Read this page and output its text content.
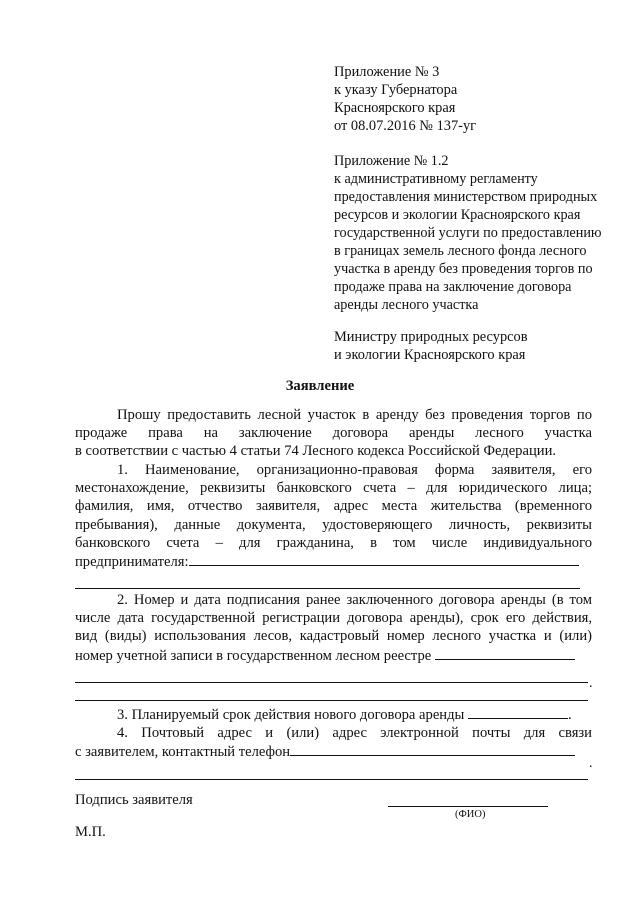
Приложение № 3
к указу Губернатора
Красноярского края
от 08.07.2016 № 137-уг
Приложение № 1.2
к административному регламенту
предоставления министерством природных
ресурсов и экологии Красноярского края
государственной услуги по предоставлению
в границах земель лесного фонда лесного
участка в аренду без проведения торгов по
продаже права на заключение договора
аренды лесного участка
Министру природных ресурсов
и экологии Красноярского края
Заявление
Прошу предоставить лесной участок в аренду без проведения торгов по
продаже права на заключение договора аренды лесного участка
в соответствии с частью 4 статьи 74 Лесного кодекса Российской Федерации.
1. Наименование, организационно-правовая форма заявителя, его
местонахождение, реквизиты банковского счета – для юридического лица;
фамилия, имя, отчество заявителя, адрес места жительства (временного
пребывания), данные документа, удостоверяющего личность, реквизиты
банковского счета – для гражданина, в том числе индивидуального
предпринимателя:
2. Номер и дата подписания ранее заключенного договора аренды (в том
числе дата государственной регистрации договора аренды), срок его действия,
вид (виды) использования лесов, кадастровый номер лесного участка и (или)
номер учетной записи в государственном лесном реестре
.
3. Планируемый срок действия нового договора аренды	.
4. Почтовый адрес и (или) адрес электронной почты для связи
с заявителем, контактный телефон
.
Подпись заявителя
(ФИО)
М.П.
